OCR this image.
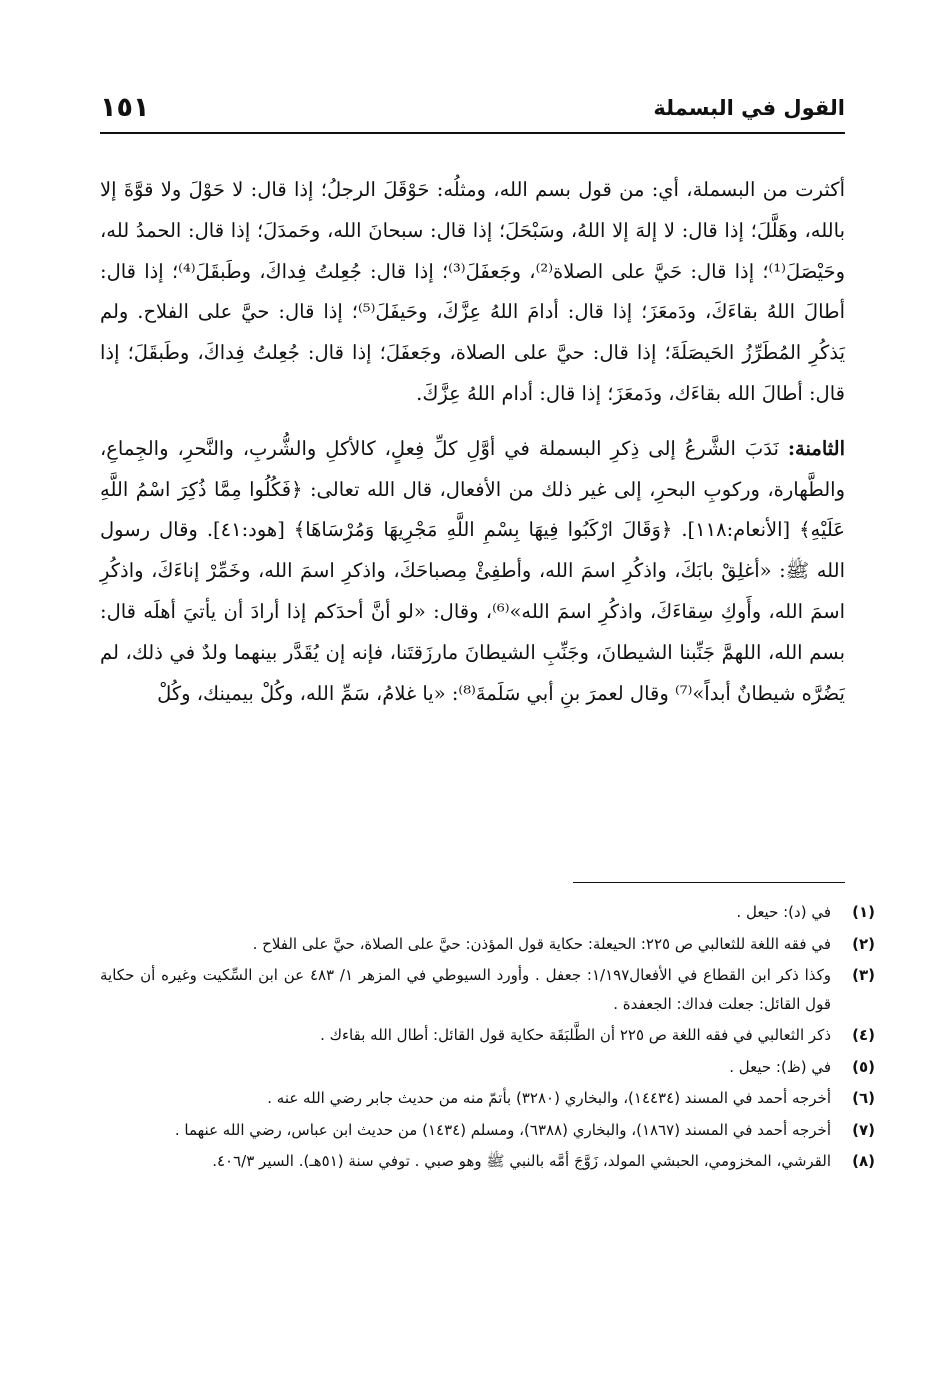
القول في البسملة
١٥١

أكثرت من البسملة، أي: من قول بسم الله، ومثلُه: حَوْقَلَ الرجلُ؛ إذا قال: لا حَوْلَ ولا قوَّةَ إلا بالله، وهَلَّلَ؛ إذا قال: لا إلهَ إلا اللهُ، وسَبْحَلَ؛ إذا قال: سبحانَ الله، وحَمدَلَ؛ إذا قال: الحمدُ لله، وحَيْصَلَ⁽¹⁾؛ إذا قال: حَيَّ على الصلاة⁽²⁾، وجَعفَلَ⁽³⁾؛ إذا قال: جُعِلتُ فِداكَ، وطَبقَلَ⁽⁴⁾؛ إذا قال: أطالَ اللهُ بقاءَكَ، ودَمعَزَ؛ إذا قال: أدامَ اللهُ عِزَّكَ، وحَيفَلَ⁽⁵⁾؛ إذا قال: حيَّ على الفلاح. ولم يَذكُرِ المُطَرِّزُ الحَيصَلَةَ؛ إذا قال: حيَّ على الصلاة، وجَعفَلَ؛ إذا قال: جُعِلتُ فِداكَ، وطَبقَلَ؛ إذا قال: أطالَ الله بقاءَك، ودَمعَزَ؛ إذا قال: أدام اللهُ عِزَّكَ.

الثامنة: نَدَبَ الشَّرعُ إلى ذِكرِ البسملة في أوَّلِ كلِّ فِعلٍ، كالأكلِ والشُّربِ، والنَّحرِ، والجِماعِ، والطَّهارة، وركوبِ البحرِ، إلى غير ذلك من الأفعال، قال الله تعالى: ﴿فَكُلُوا مِمَّا ذُكِرَ اسْمُ اللَّهِ عَلَيْهِ﴾ [الأنعام:١١٨]. ﴿وَقَالَ ارْكَبُوا فِيهَا بِسْمِ اللَّهِ مَجْرِيهَا وَمُرْسَاهَا﴾ [هود:٤١]. وقال رسول الله ﷺ: «أغلِقْ بابَكَ، واذكُرِ اسمَ الله، وأطفِئْ مِصباحَكَ، واذكرِ اسمَ الله، وخَمِّرْ إناءَكَ، واذكُرِ اسمَ الله، وأَوكِ سِقاءَكَ، واذكُرِ اسمَ الله»⁽⁶⁾، وقال: «لو أنَّ أحدَكم إذا أرادَ أن يأتيَ أهلَه قال: بسم الله، اللهمَّ جَنِّبنا الشيطانَ، وجَنِّبِ الشيطانَ مارزَقتَنا، فإنه إن يُقَدَّر بينهما ولدٌ في ذلك، لم يَضُرَّه شيطانٌ أبداً»⁽⁷⁾ وقال لعمرَ بنِ أبي سَلَمةَ⁽⁸⁾: «يا غلامُ، سَمِّ الله، وكُلْ بيمينك، وكُلْ

(١)
في (د): حيعل .
(٢)
في فقه اللغة للثعالبي ص ٢٢٥: الحيعلة: حكاية قول المؤذن: حيَّ على الصلاة، حيَّ على الفلاح .
(٣)
وكذا ذكر ابن القطاع في الأفعال١/١٩٧: جعفل . وأورد السيوطي في المزهر ١/ ٤٨٣ عن ابن السِّكيت وغيره أن حكاية قول القائل: جعلت فداك: الجعفدة .
(٤)
ذكر الثعالبي في فقه اللغة ص ٢٢٥ أن الطَّلبَقَة حكاية قول القائل: أطال الله بقاءك .
(٥)
في (ظ): حيعل .
(٦)
أخرجه أحمد في المسند (١٤٤٣٤)، والبخاري (٣٢٨٠) بأتمّ منه من حديث جابر رضي الله عنه .
(٧)
أخرجه أحمد في المسند (١٨٦٧)، والبخاري (٦٣٨٨)، ومسلم (١٤٣٤) من حديث ابن عباس، رضي الله عنهما .
(٨)
القرشي، المخزومي، الحبشي المولد، زَوَّجَ أمَّه بالنبي ﷺ وهو صبي . توفي سنة (٥١هـ). السير ٤٠٦/٣.
